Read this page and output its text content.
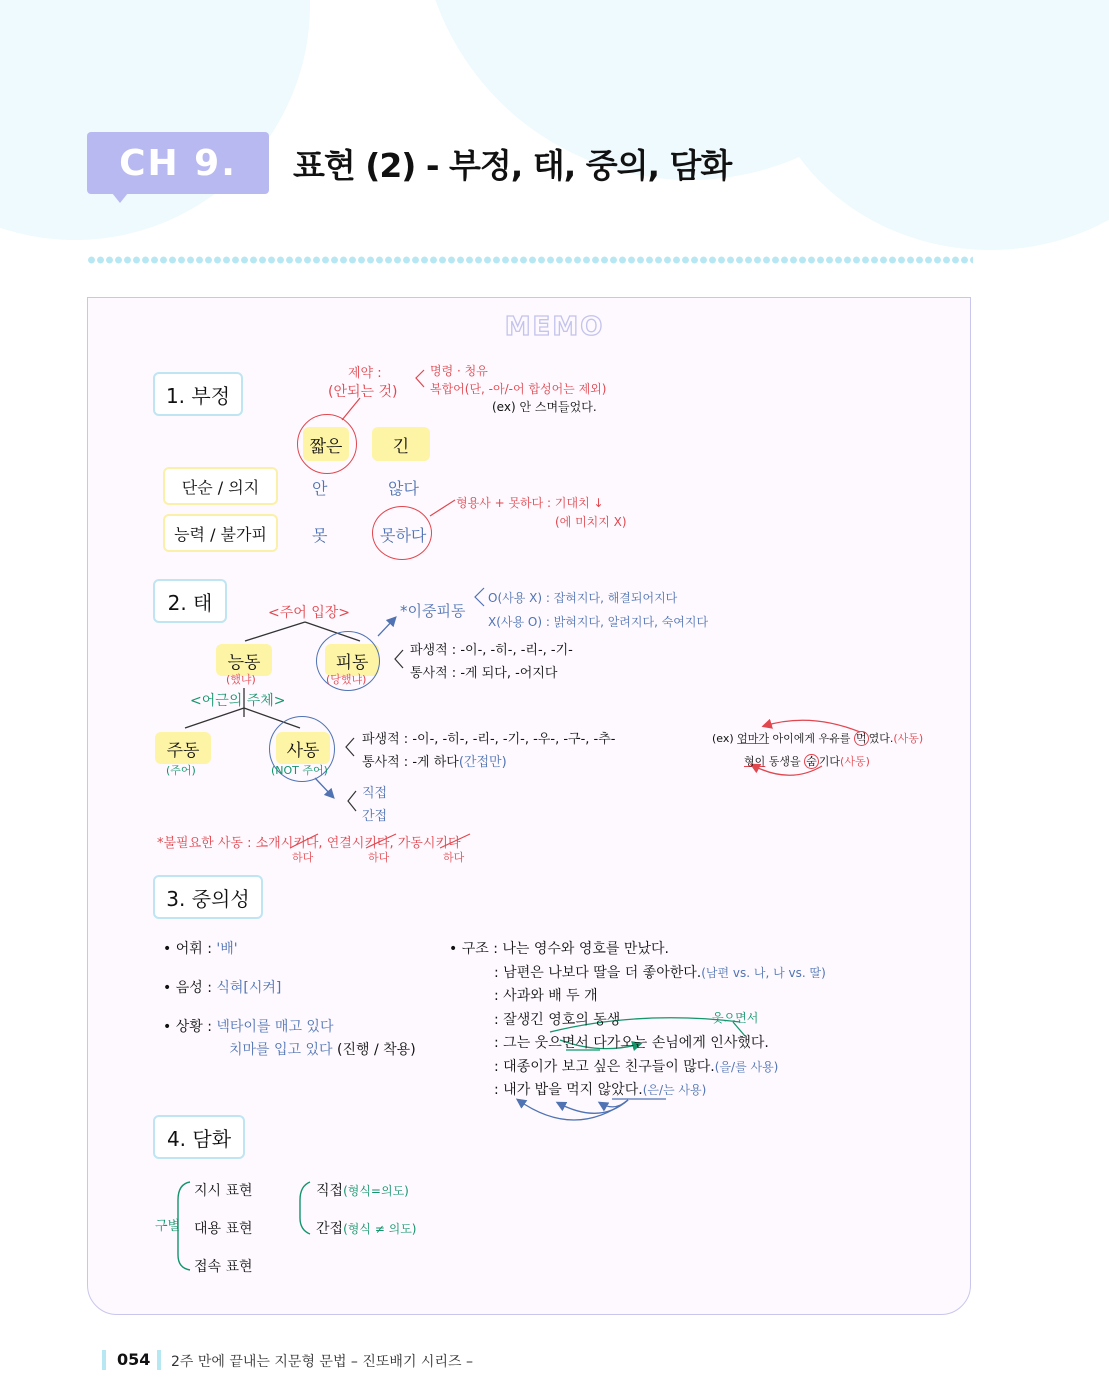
CH 9.	표현 (2) - 부정, 태, 중의, 담화
MEMO
1. 부정
제약 :
(안되는 것)
명령 · 청유
복합어(단, -아/-어 합성어는 제외)
(ex) 안 스며들었다.
짧은	긴
단순 / 의지	안	않다
능력 / 불가피	못	못하다
형용사 + 못하다 : 기대치 ↓
(에 미치지 X)
2. 태	<주어 입장>
능동
(했냐)
피동
(당했냐)
*이중피동
O(사용 X) : 잡혀지다, 해결되어지다
X(사용 O) : 밝혀지다, 알려지다, 숙여지다
파생적 : -이-, -히-, -리-, -기-
통사적 : -게 되다, -어지다
<어근의 주체>
주동
(주어)
사동
(NOT 주어)
파생적 : -이-, -히-, -리-, -기-, -우-, -구-, -추-
통사적 : -게 하다(간접만)
직접
간접
(ex) 엄마가 아이에게 우유를 먹 였다.(사동)
형이 동생을 숨 기다(사동)
*불필요한 사동 : 소개시키다, 연결시키다, 가동시키다
하다	하다	하다
3. 중의성
• 어휘 : '배'
• 음성 : 식혀[시켜]
• 상황 : 넥타이를 매고 있다
치마를 입고 있다 (진행 / 착용)
• 구조 : 나는 영수와 영호를 만났다.
: 남편은 나보다 딸을 더 좋아한다.(남편 vs. 나, 나 vs. 딸)
: 사과와 배 두 개
: 잘생긴 영호의 동생	웃으면서
: 그는 웃으면서 다가오는 손님에게 인사했다.
: 대종이가 보고 싶은 친구들이 많다.(을/를 사용)
: 내가 밥을 먹지 않았다.(은/는 사용)
4. 담화
구별
지시 표현
대용 표현
접속 표현
직접(형식=의도)
간접(형식 ≠ 의도)
054 2주 만에 끝내는 지문형 문법 – 진또배기 시리즈 –
